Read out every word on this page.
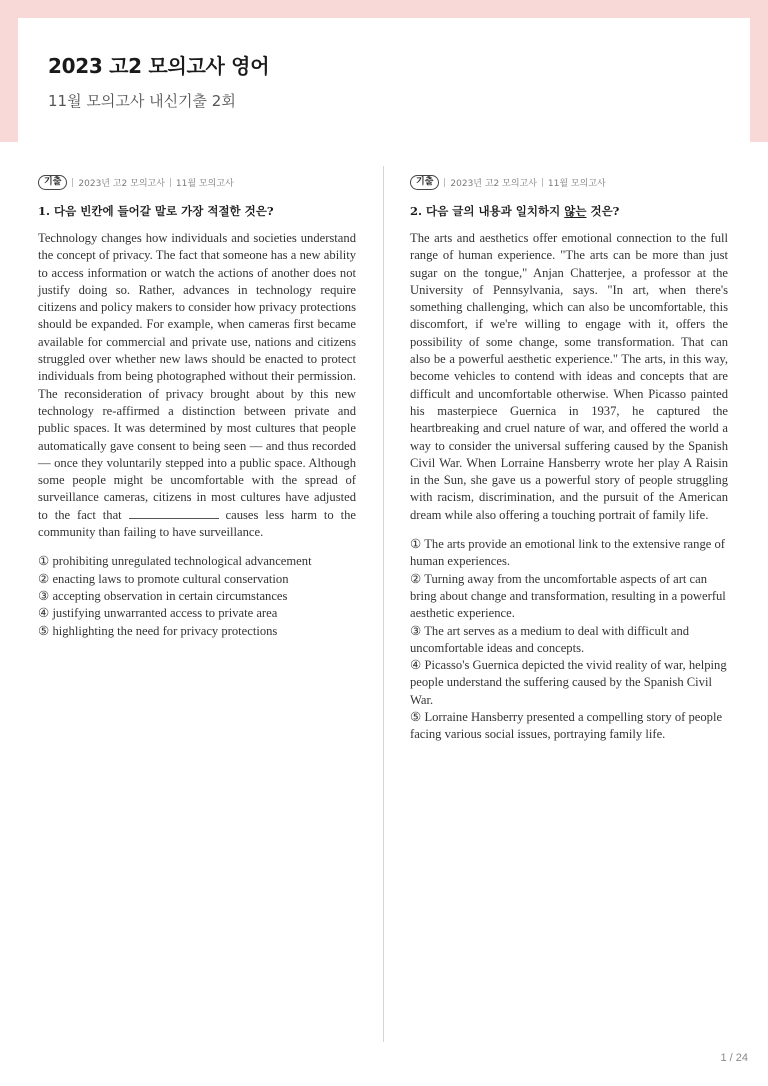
2023 고2 모의고사 영어
11월 모의고사 내신기출 2회
기출	2023년 고2 모의고사 11월 모의고사
1. 다음 빈칸에 들어갈 말로 가장 적절한 것은?

Technology changes how individuals and societies understand the concept of privacy. The fact that someone has a new ability to access information or watch the actions of another does not justify doing so. Rather, advances in technology require citizens and policy makers to consider how privacy protections should be expanded. For example, when cameras first became available for commercial and private use, nations and citizens struggled over whether new laws should be enacted to protect individuals from being photographed without their permission. The reconsideration of privacy brought about by this new technology re-affirmed a distinction between private and public spaces. It was determined by most cultures that people automatically gave consent to being seen — and thus recorded — once they voluntarily stepped into a public space. Although some people might be uncomfortable with the spread of surveillance cameras, citizens in most cultures have adjusted to the fact that	causes less harm to the community than failing to have surveillance.

① prohibiting unregulated technological advancement
② enacting laws to promote cultural conservation
③ accepting observation in certain circumstances
④ justifying unwarranted access to private area
⑤ highlighting the need for privacy protections
기출	2023년 고2 모의고사 11월 모의고사
2. 다음 글의 내용과 일치하지 않는 것은?

The arts and aesthetics offer emotional connection to the full range of human experience. "The arts can be more than just sugar on the tongue," Anjan Chatterjee, a professor at the University of Pennsylvania, says. "In art, when there's something challenging, which can also be uncomfortable, this discomfort, if we're willing to engage with it, offers the possibility of some change, some transformation. That can also be a powerful aesthetic experience." The arts, in this way, become vehicles to contend with ideas and concepts that are difficult and uncomfortable otherwise. When Picasso painted his masterpiece Guernica in 1937, he captured the heartbreaking and cruel nature of war, and offered the world a way to consider the universal suffering caused by the Spanish Civil War. When Lorraine Hansberry wrote her play A Raisin in the Sun, she gave us a powerful story of people struggling with racism, discrimination, and the pursuit of the American dream while also offering a touching portrait of family life.

① The arts provide an emotional link to the extensive range of human experiences.
② Turning away from the uncomfortable aspects of art can bring about change and transformation, resulting in a powerful aesthetic experience.
③ The art serves as a medium to deal with difficult and uncomfortable ideas and concepts.
④ Picasso's Guernica depicted the vivid reality of war, helping people understand the suffering caused by the Spanish Civil War.
⑤ Lorraine Hansberry presented a compelling story of people facing various social issues, portraying family life.
1 / 24
